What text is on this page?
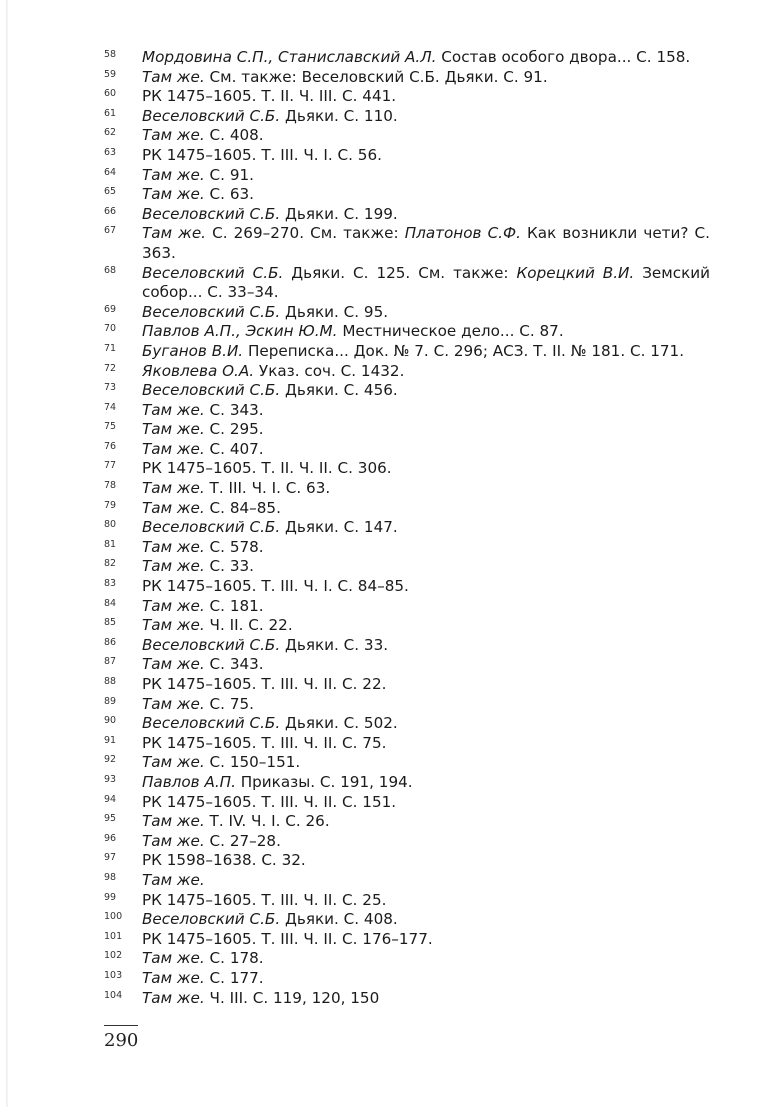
58 Мордовина С.П., Станиславский А.Л. Состав особого двора... С. 158.
59 Там же. См. также: Веселовский С.Б. Дьяки. С. 91.
60 РК 1475–1605. Т. II. Ч. III. С. 441.
61 Веселовский С.Б. Дьяки. С. 110.
62 Там же. С. 408.
63 РК 1475–1605. Т. III. Ч. I. С. 56.
64 Там же. С. 91.
65 Там же. С. 63.
66 Веселовский С.Б. Дьяки. С. 199.
67 Там же. С. 269–270. См. также: Платонов С.Ф. Как возникли чети? С. 363.
68 Веселовский С.Б. Дьяки. С. 125. См. также: Корецкий В.И. Земский собор... С. 33–34.
69 Веселовский С.Б. Дьяки. С. 95.
70 Павлов А.П., Эскин Ю.М. Местническое дело... С. 87.
71 Буганов В.И. Переписка... Док. № 7. С. 296; АСЗ. Т. II. № 181. С. 171.
72 Яковлева О.А. Указ. соч. С. 1432.
73 Веселовский С.Б. Дьяки. С. 456.
74 Там же. С. 343.
75 Там же. С. 295.
76 Там же. С. 407.
77 РК 1475–1605. Т. II. Ч. II. С. 306.
78 Там же. Т. III. Ч. I. С. 63.
79 Там же. С. 84–85.
80 Веселовский С.Б. Дьяки. С. 147.
81 Там же. С. 578.
82 Там же. С. 33.
83 РК 1475–1605. Т. III. Ч. I. С. 84–85.
84 Там же. С. 181.
85 Там же. Ч. II. С. 22.
86 Веселовский С.Б. Дьяки. С. 33.
87 Там же. С. 343.
88 РК 1475–1605. Т. III. Ч. II. С. 22.
89 Там же. С. 75.
90 Веселовский С.Б. Дьяки. С. 502.
91 РК 1475–1605. Т. III. Ч. II. С. 75.
92 Там же. С. 150–151.
93 Павлов А.П. Приказы. С. 191, 194.
94 РК 1475–1605. Т. III. Ч. II. С. 151.
95 Там же. Т. IV. Ч. I. С. 26.
96 Там же. С. 27–28.
97 РК 1598–1638. С. 32.
98 Там же.
99 РК 1475–1605. Т. III. Ч. II. С. 25.
100 Веселовский С.Б. Дьяки. С. 408.
101 РК 1475–1605. Т. III. Ч. II. С. 176–177.
102 Там же. С. 178.
103 Там же. С. 177.
104 Там же. Ч. III. С. 119, 120, 150
290
